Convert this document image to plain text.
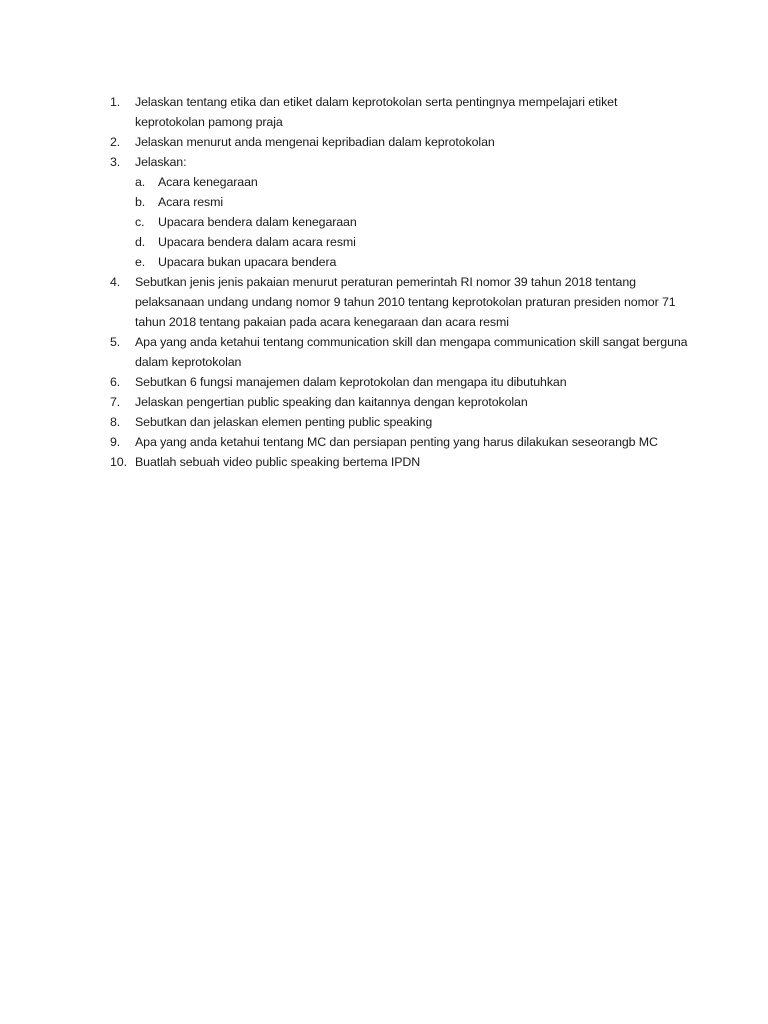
1.	Jelaskan tentang etika dan etiket dalam keprotokolan serta pentingnya mempelajari etiket keprotokolan pamong praja
2.	Jelaskan menurut anda mengenai kepribadian dalam keprotokolan
3.	Jelaskan:
a.	Acara kenegaraan
b.	Acara resmi
c.	Upacara bendera dalam kenegaraan
d.	Upacara bendera dalam acara resmi
e.	Upacara bukan upacara bendera
4.	Sebutkan jenis jenis pakaian menurut peraturan pemerintah RI nomor 39 tahun 2018 tentang pelaksanaan undang undang nomor 9 tahun 2010 tentang keprotokolan praturan presiden nomor 71 tahun 2018 tentang pakaian pada acara kenegaraan dan acara resmi
5.	Apa yang anda ketahui tentang communication skill dan mengapa communication skill sangat berguna dalam keprotokolan
6.	Sebutkan 6 fungsi manajemen dalam keprotokolan dan mengapa itu dibutuhkan
7.	Jelaskan pengertian public speaking dan kaitannya dengan keprotokolan
8.	Sebutkan dan jelaskan elemen penting public speaking
9.	Apa yang anda ketahui tentang MC dan persiapan penting yang harus dilakukan seseorangb MC
10. Buatlah sebuah video public speaking bertema IPDN
